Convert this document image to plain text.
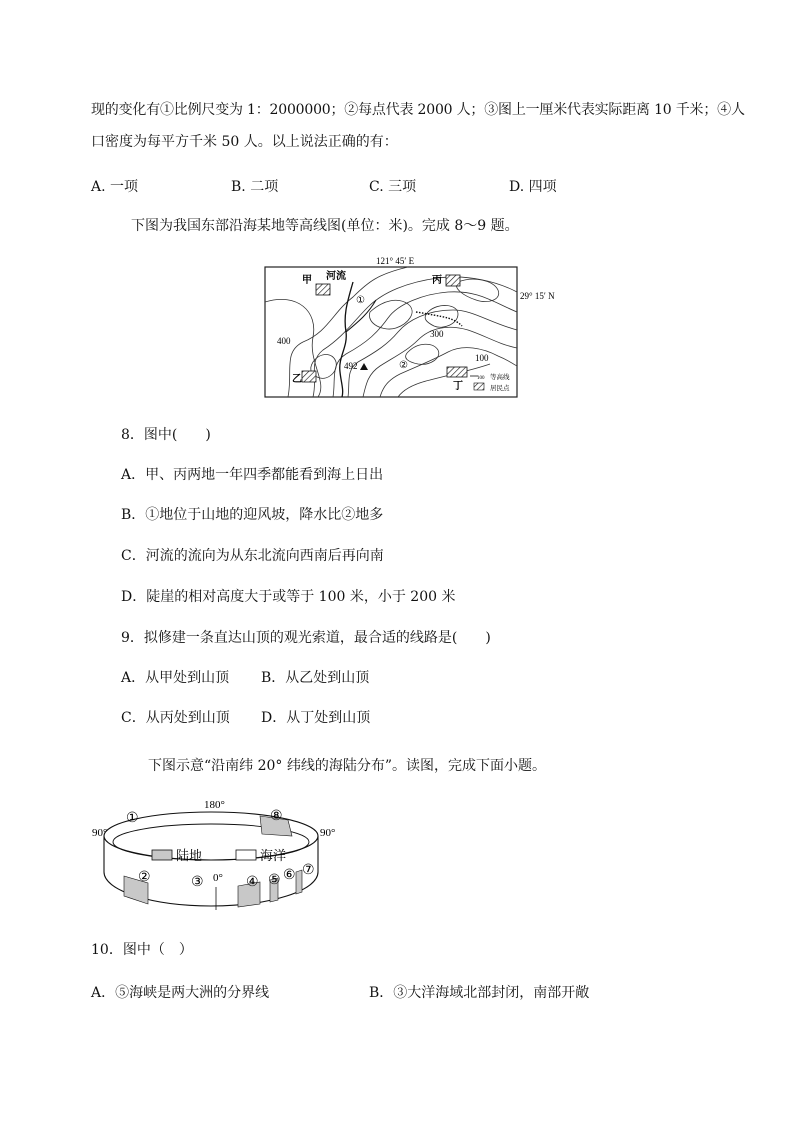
现的变化有①比例尺变为 1：2000000；②每点代表 2000 人；③图上一厘米代表实际距离 10 千米；④人
口密度为每平方千米 50 人。以上说法正确的有：
A. 一项	B. 二项	C. 三项	D. 四项
下图为我国东部沿海某地等高线图(单位：米)。完成 8～9 题。
121° 45′ E
29° 15′ N
甲 河流	丙
乙
丁
①
②
400
300
100
492
100 等高线
居民点
8．图中(　　)
A．甲、丙两地一年四季都能看到海上日出
B．①地位于山地的迎风坡，降水比②地多
C．河流的流向为从东北流向西南后再向南
D．陡崖的相对高度大于或等于 100 米，小于 200 米
9．拟修建一条直达山顶的观光索道，最合适的线路是(　　)
A．从甲处到山顶 B．从乙处到山顶
C．从丙处到山顶 D．从丁处到山顶
下图示意“沿南纬 20° 纬线的海陆分布”。读图，完成下面小题。
陆地	海洋
180°
90°	90°
0°
①
②	③	④ ⑤ ⑥ ⑦
⑧
10．图中（　）
A．⑤海峡是两大洲的分界线	B．③大洋海域北部封闭，南部开敞
